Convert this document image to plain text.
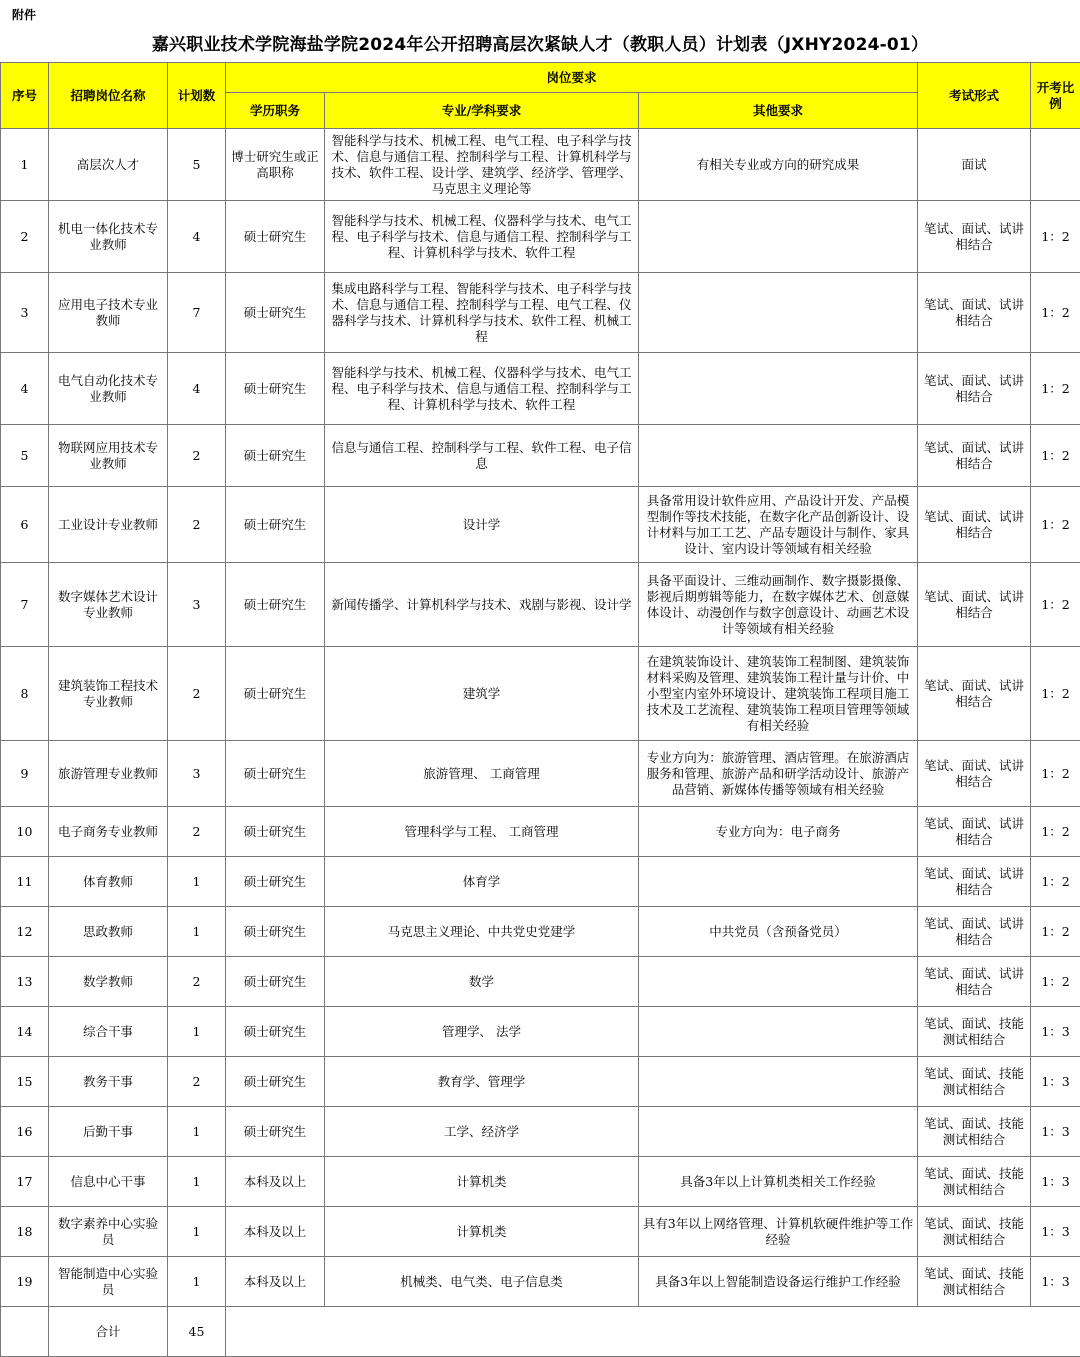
附件
嘉兴职业技术学院海盐学院2024年公开招聘高层次紧缺人才（教职人员）计划表（JXHY2024-01）
序号	招聘岗位名称	计划数	岗位要求			考试形式	开考比例
			学历职务	专业/学科要求	其他要求		
1	高层次人才	5	博士研究生或正高职称	智能科学与技术、机械工程、电气工程、电子科学与技术、信息与通信工程、控制科学与工程、计算机科学与技术、软件工程、设计学、建筑学、经济学、管理学、马克思主义理论等	有相关专业或方向的研究成果	面试	
2	机电一体化技术专业教师	4	硕士研究生	智能科学与技术、机械工程、仪器科学与技术、电气工程、电子科学与技术、信息与通信工程、控制科学与工程、计算机科学与技术、软件工程		笔试、面试、试讲相结合	1：2
3	应用电子技术专业教师	7	硕士研究生	集成电路科学与工程、智能科学与技术、电子科学与技术、信息与通信工程、控制科学与工程、电气工程、仪器科学与技术、计算机科学与技术、软件工程、机械工程		笔试、面试、试讲相结合	1：2
4	电气自动化技术专业教师	4	硕士研究生	智能科学与技术、机械工程、仪器科学与技术、电气工程、电子科学与技术、信息与通信工程、控制科学与工程、计算机科学与技术、软件工程		笔试、面试、试讲相结合	1：2
5	物联网应用技术专业教师	2	硕士研究生	信息与通信工程、控制科学与工程、软件工程、电子信息		笔试、面试、试讲相结合	1：2
6	工业设计专业教师	2	硕士研究生	设计学	具备常用设计软件应用、产品设计开发、产品模型制作等技术技能，在数字化产品创新设计、设计材料与加工工艺、产品专题设计与制作、家具设计、室内设计等领域有相关经验	笔试、面试、试讲相结合	1：2
7	数字媒体艺术设计专业教师	3	硕士研究生	新闻传播学、计算机科学与技术、戏剧与影视、设计学	具备平面设计、三维动画制作、数字摄影摄像、影视后期剪辑等能力，在数字媒体艺术、创意媒体设计、动漫创作与数字创意设计、动画艺术设计等领域有相关经验	笔试、面试、试讲相结合	1：2
8	建筑装饰工程技术专业教师	2	硕士研究生	建筑学	在建筑装饰设计、建筑装饰工程制图、建筑装饰材料采购及管理、建筑装饰工程计量与计价、中小型室内室外环境设计、建筑装饰工程项目施工技术及工艺流程、建筑装饰工程项目管理等领域有相关经验	笔试、面试、试讲相结合	1：2
9	旅游管理专业教师	3	硕士研究生	旅游管理、 工商管理	专业方向为：旅游管理、酒店管理。在旅游酒店服务和管理、旅游产品和研学活动设计、旅游产品营销、新媒体传播等领域有相关经验	笔试、面试、试讲相结合	1：2
10	电子商务专业教师	2	硕士研究生	管理科学与工程、 工商管理	专业方向为：电子商务	笔试、面试、试讲相结合	1：2
11	体育教师	1	硕士研究生	体育学		笔试、面试、试讲相结合	1：2
12	思政教师	1	硕士研究生	马克思主义理论、中共党史党建学	中共党员（含预备党员）	笔试、面试、试讲相结合	1：2
13	数学教师	2	硕士研究生	数学		笔试、面试、试讲相结合	1：2
14	综合干事	1	硕士研究生	管理学、 法学		笔试、面试、技能测试相结合	1：3
15	教务干事	2	硕士研究生	教育学、管理学		笔试、面试、技能测试相结合	1：3
16	后勤干事	1	硕士研究生	工学、经济学		笔试、面试、技能测试相结合	1：3
17	信息中心干事	1	本科及以上	计算机类	具备3年以上计算机类相关工作经验	笔试、面试、技能测试相结合	1：3
18	数字素养中心实验员	1	本科及以上	计算机类	具有3年以上网络管理、计算机软硬件维护等工作经验	笔试、面试、技能测试相结合	1：3
19	智能制造中心实验员	1	本科及以上	机械类、电气类、电子信息类	具备3年以上智能制造设备运行维护工作经验	笔试、面试、技能测试相结合	1：3
	合计	45					
